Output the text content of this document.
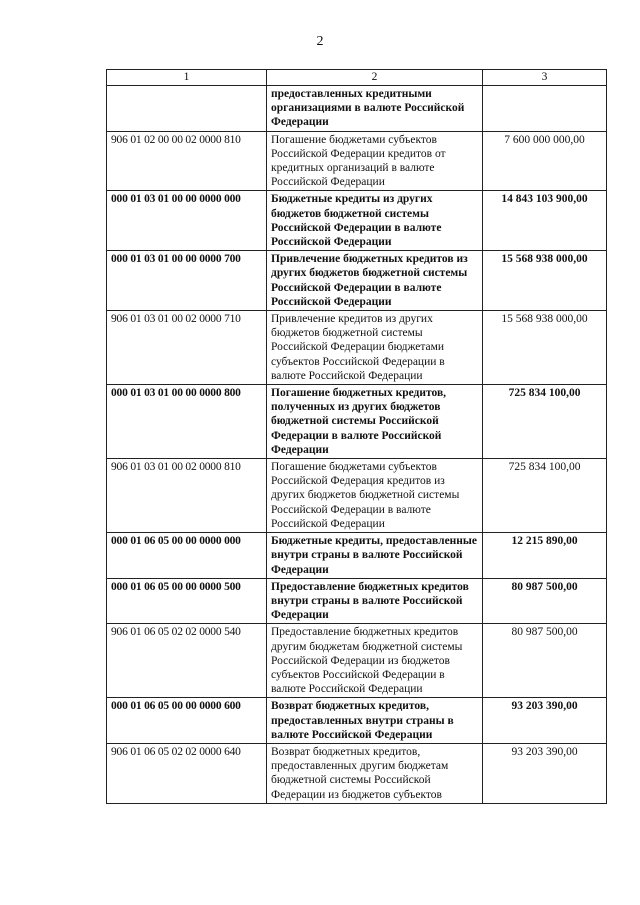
2
1	2	3
	предоставленных кредитными организациями в валюте Российской Федерации	
906 01 02 00 00 02 0000 810	Погашение бюджетами субъектов Российской Федерации кредитов от кредитных организаций в валюте Российской Федерации	7 600 000 000,00
000 01 03 01 00 00 0000 000	Бюджетные кредиты из других бюджетов бюджетной системы Российской Федерации в валюте Российской Федерации	14 843 103 900,00
000 01 03 01 00 00 0000 700	Привлечение бюджетных кредитов из других бюджетов бюджетной системы Российской Федерации в валюте Российской Федерации	15 568 938 000,00
906 01 03 01 00 02 0000 710	Привлечение кредитов из других бюджетов бюджетной системы Российской Федерации бюджетами субъектов Российской Федерации в валюте Российской Федерации	15 568 938 000,00
000 01 03 01 00 00 0000 800	Погашение бюджетных кредитов, полученных из других бюджетов бюджетной системы Российской Федерации в валюте Российской Федерации	725 834 100,00
906 01 03 01 00 02 0000 810	Погашение бюджетами субъектов Российской Федерация кредитов из других бюджетов бюджетной системы Российской Федерации в валюте Российской Федерации	725 834 100,00
000 01 06 05 00 00 0000 000	Бюджетные кредиты, предоставленные внутри страны в валюте Российской Федерации	12 215 890,00
000 01 06 05 00 00 0000 500	Предоставление бюджетных кредитов внутри страны в валюте Российской Федерации	80 987 500,00
906 01 06 05 02 02 0000 540	Предоставление бюджетных кредитов другим бюджетам бюджетной системы Российской Федерации из бюджетов субъектов Российской Федерации в валюте Российской Федерации	80 987 500,00
000 01 06 05 00 00 0000 600	Возврат бюджетных кредитов, предоставленных внутри страны в валюте Российской Федерации	93 203 390,00
906 01 06 05 02 02 0000 640	Возврат бюджетных кредитов, предоставленных другим бюджетам бюджетной системы Российской Федерации из бюджетов субъектов	93 203 390,00
